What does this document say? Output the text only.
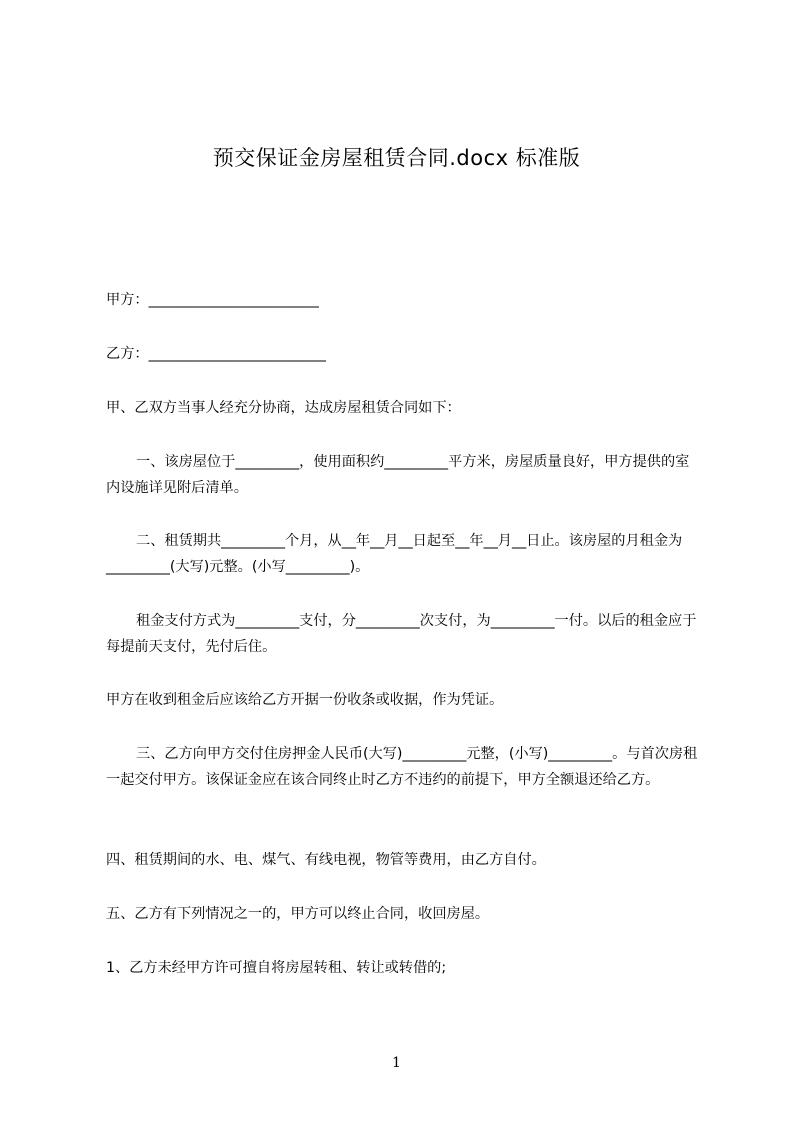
预交保证金房屋租赁合同.docx 标准版

甲方：________________________

乙方：_________________________

甲、乙双方当事人经充分协商，达成房屋租赁合同如下：

一、该房屋位于_________，使用面积约_________平方米，房屋质量良好，甲方提供的室内设施详见附后清单。

二、租赁期共_________个月，从__年__月__日起至__年__月__日止。该房屋的月租金为_________(大写)元整。(小写_________)。

租金支付方式为_________支付，分_________次支付，为_________一付。以后的租金应于每提前天支付，先付后住。

甲方在收到租金后应该给乙方开据一份收条或收据，作为凭证。

三、乙方向甲方交付住房押金人民币(大写)_________元整，(小写)_________。与首次房租一起交付甲方。该保证金应在该合同终止时乙方不违约的前提下，甲方全额退还给乙方。

四、租赁期间的水、电、煤气、有线电视，物管等费用，由乙方自付。

五、乙方有下列情况之一的，甲方可以终止合同，收回房屋。

1、乙方未经甲方许可擅自将房屋转租、转让或转借的;

1
